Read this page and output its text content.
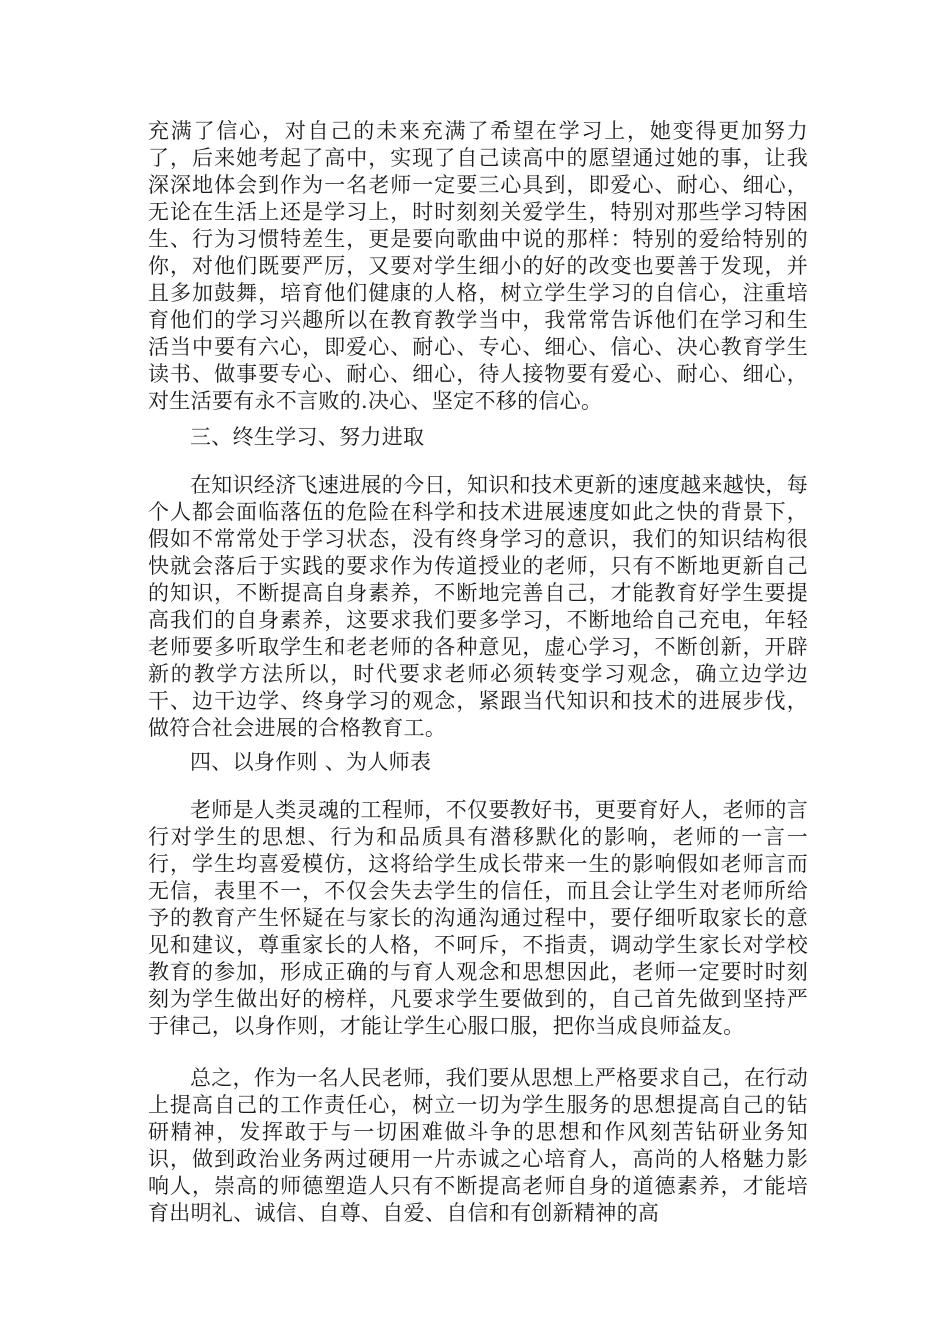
充满了信心，对自己的未来充满了希望在学习上，她变得更加努力了，后来她考起了高中，实现了自己读高中的愿望通过她的事，让我深深地体会到作为一名老师一定要三心具到，即爱心、耐心、细心，无论在生活上还是学习上，时时刻刻关爱学生，特别对那些学习特困生、行为习惯特差生，更是要向歌曲中说的那样：特别的爱给特别的你，对他们既要严厉，又要对学生细小的好的改变也要善于发现，并且多加鼓舞，培育他们健康的人格，树立学生学习的自信心，注重培育他们的学习兴趣所以在教育教学当中，我常常告诉他们在学习和生活当中要有六心，即爱心、耐心、专心、细心、信心、决心教育学生读书、做事要专心、耐心、细心，待人接物要有爱心、耐心、细心，对生活要有永不言败的.决心、坚定不移的信心。

三、终生学习、努力进取

在知识经济飞速进展的今日，知识和技术更新的速度越来越快，每个人都会面临落伍的危险在科学和技术进展速度如此之快的背景下，假如不常常处于学习状态，没有终身学习的意识，我们的知识结构很快就会落后于实践的要求作为传道授业的老师，只有不断地更新自己的知识，不断提高自身素养，不断地完善自己，才能教育好学生要提高我们的自身素养，这要求我们要多学习，不断地给自己充电，年轻老师要多听取学生和老老师的各种意见，虚心学习，不断创新，开辟新的教学方法所以，时代要求老师必须转变学习观念，确立边学边干、边干边学、终身学习的观念，紧跟当代知识和技术的进展步伐，做符合社会进展的合格教育工。

四、以身作则 、为人师表

老师是人类灵魂的工程师，不仅要教好书，更要育好人，老师的言行对学生的思想、行为和品质具有潜移默化的影响，老师的一言一行，学生均喜爱模仿，这将给学生成长带来一生的影响假如老师言而无信，表里不一，不仅会失去学生的信任，而且会让学生对老师所给予的教育产生怀疑在与家长的沟通沟通过程中，要仔细听取家长的意见和建议，尊重家长的人格，不呵斥，不指责，调动学生家长对学校教育的参加，形成正确的与育人观念和思想因此，老师一定要时时刻刻为学生做出好的榜样，凡要求学生要做到的，自己首先做到坚持严于律己，以身作则，才能让学生心服口服，把你当成良师益友。

总之，作为一名人民老师，我们要从思想上严格要求自己，在行动上提高自己的工作责任心，树立一切为学生服务的思想提高自己的钻研精神，发挥敢于与一切困难做斗争的思想和作风刻苦钻研业务知识，做到政治业务两过硬用一片赤诚之心培育人，高尚的人格魅力影响人，崇高的师德塑造人只有不断提高老师自身的道德素养，才能培育出明礼、诚信、自尊、自爱、自信和有创新精神的高
